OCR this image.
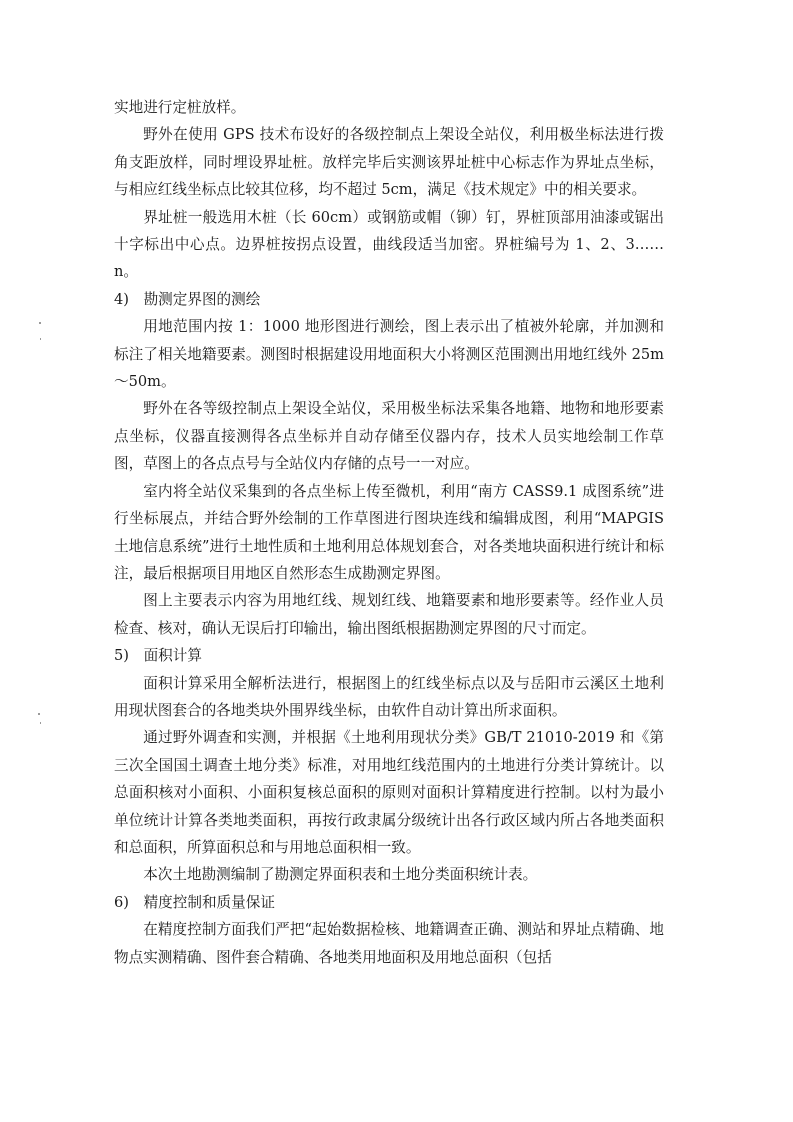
实地进行定桩放样。

野外在使用 GPS 技术布设好的各级控制点上架设全站仪，利用极坐标法进行拨角支距放样，同时埋设界址桩。放样完毕后实测该界址桩中心标志作为界址点坐标，与相应红线坐标点比较其位移，均不超过 5cm，满足《技术规定》中的相关要求。

界址桩一般选用木桩（长 60cm）或钢筋或帽（铆）钉，界桩顶部用油漆或锯出十字标出中心点。边界桩按拐点设置，曲线段适当加密。界桩编号为 1、2、3……n。

4)　勘测定界图的测绘

用地范围内按 1：1000 地形图进行测绘，图上表示出了植被外轮廓，并加测和标注了相关地籍要素。测图时根据建设用地面积大小将测区范围测出用地红线外 25m～50m。

野外在各等级控制点上架设全站仪，采用极坐标法采集各地籍、地物和地形要素点坐标，仪器直接测得各点坐标并自动存储至仪器内存，技术人员实地绘制工作草图，草图上的各点点号与全站仪内存储的点号一一对应。

室内将全站仪采集到的各点坐标上传至微机，利用“南方 CASS9.1 成图系统”进行坐标展点，并结合野外绘制的工作草图进行图块连线和编辑成图，利用“MAPGIS 土地信息系统”进行土地性质和土地利用总体规划套合，对各类地块面积进行统计和标注，最后根据项目用地区自然形态生成勘测定界图。

图上主要表示内容为用地红线、规划红线、地籍要素和地形要素等。经作业人员检查、核对，确认无误后打印输出，输出图纸根据勘测定界图的尺寸而定。

5)　面积计算

面积计算采用全解析法进行，根据图上的红线坐标点以及与岳阳市云溪区土地利用现状图套合的各地类块外围界线坐标，由软件自动计算出所求面积。

通过野外调查和实测，并根据《土地利用现状分类》GB/T 21010-2019 和《第三次全国国土调查土地分类》标准，对用地红线范围内的土地进行分类计算统计。以总面积核对小面积、小面积复核总面积的原则对面积计算精度进行控制。以村为最小单位统计计算各类地类面积，再按行政隶属分级统计出各行政区域内所占各地类面积和总面积，所算面积总和与用地总面积相一致。

本次土地勘测编制了勘测定界面积表和土地分类面积统计表。

6)　精度控制和质量保证

在精度控制方面我们严把“起始数据检核、地籍调查正确、测站和界址点精确、地物点实测精确、图件套合精确、各地类用地面积及用地总面积（包括
